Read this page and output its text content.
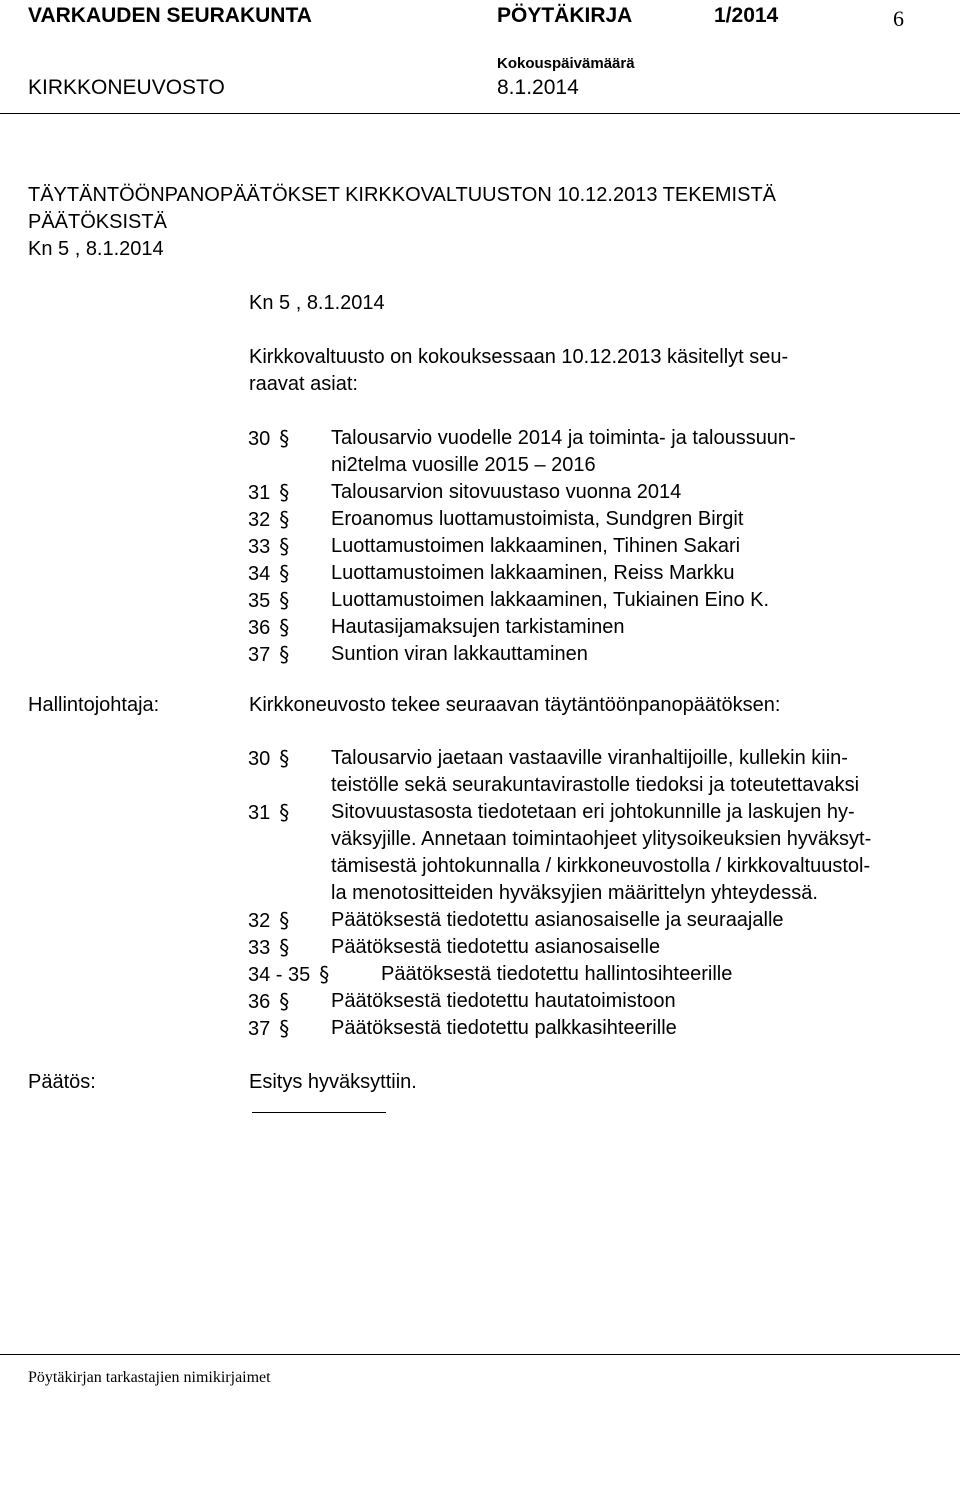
VARKAUDEN SEURAKUNTA	PÖYTÄKIRJA	1/2014	6
Kokouspäivämäärä
KIRKKONEUVOSTO	8.1.2014
TÄYTÄNTÖÖNPANOPÄÄTÖKSET KIRKKOVALTUUSTON 10.12.2013 TEKEMISTÄ
PÄÄTÖKSISTÄ
Kn 5 , 8.1.2014
Kn 5 , 8.1.2014
Kirkkovaltuusto on kokouksessaan 10.12.2013 käsitellyt seu-
raavat asiat:
30 § Talousarvio vuodelle 2014 ja toiminta- ja taloussuun-
ni2telma vuosille 2015 – 2016
31 § Talousarvion sitovuustaso vuonna 2014
32 § Eroanomus luottamustoimista, Sundgren Birgit
33 § Luottamustoimen lakkaaminen, Tihinen Sakari
34 § Luottamustoimen lakkaaminen, Reiss Markku
35 § Luottamustoimen lakkaaminen, Tukiainen Eino K.
36 § Hautasijamaksujen tarkistaminen
37 § Suntion viran lakkauttaminen
Hallintojohtaja:	Kirkkoneuvosto tekee seuraavan täytäntöönpanopäätöksen:
30 § Talousarvio jaetaan vastaaville viranhaltijoille, kullekin kiin-
teistölle sekä seurakuntavirastolle tiedoksi ja toteutettavaksi
31 § Sitovuustasosta tiedotetaan eri johtokunnille ja laskujen hy-
väksyjille. Annetaan toimintaohjeet ylitysoikeuksien hyväksyt-
tämisestä johtokunnalla / kirkkoneuvostolla / kirkkovaltuustol-
la menotositteiden hyväksyjien määrittelyn yhteydessä.
32 § Päätöksestä tiedotettu asianosaiselle ja seuraajalle
33 § Päätöksestä tiedotettu asianosaiselle
34 - 35 §	Päätöksestä tiedotettu hallintosihteerille
36 § Päätöksestä tiedotettu hautatoimistoon
37 § Päätöksestä tiedotettu palkkasihteerille
Päätös:	Esitys hyväksyttiin.
Pöytäkirjan tarkastajien nimikirjaimet
